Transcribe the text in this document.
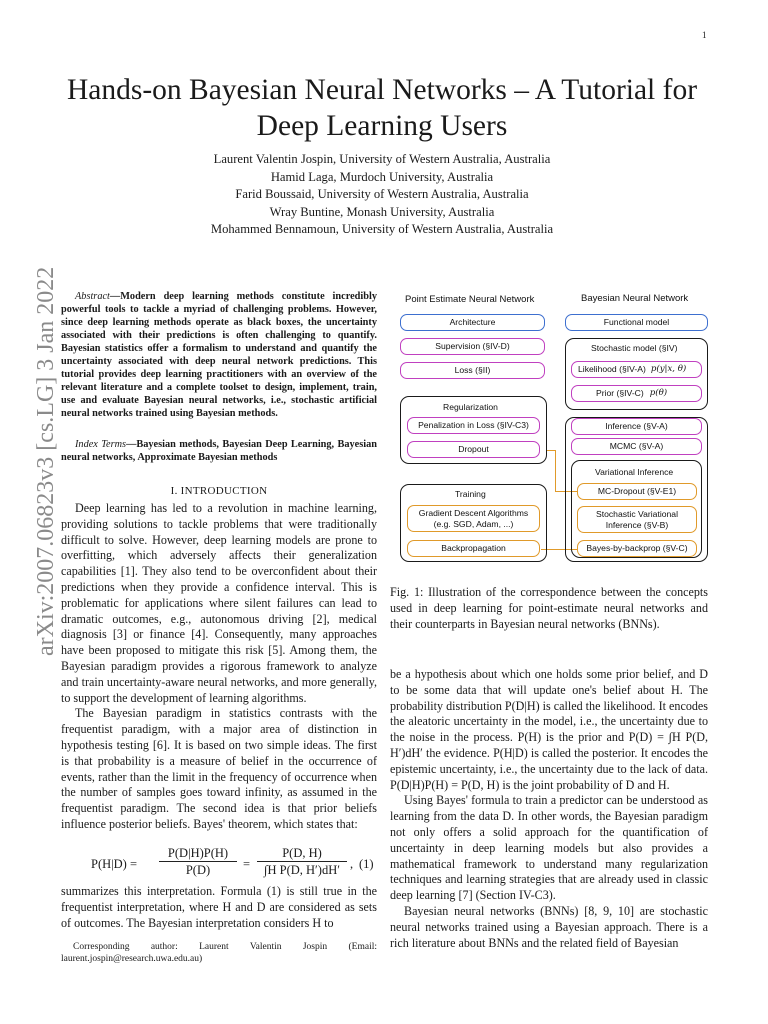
1
Hands-on Bayesian Neural Networks – A Tutorial for Deep Learning Users
Laurent Valentin Jospin, University of Western Australia, Australia
Hamid Laga, Murdoch University, Australia
Farid Boussaid, University of Western Australia, Australia
Wray Buntine, Monash University, Australia
Mohammed Bennamoun, University of Western Australia, Australia
arXiv:2007.06823v3 [cs.LG] 3 Jan 2022	Abstract—Modern deep learning methods constitute incredibly powerful tools to tackle a myriad of challenging problems. However, since deep learning methods operate as black boxes, the uncertainty associated with their predictions is often challenging to quantify. Bayesian statistics offer a formalism to understand and quantify the uncertainty associated with deep neural network predictions. This tutorial provides deep learning practitioners with an overview of the relevant literature and a complete toolset to design, implement, train, use and evaluate Bayesian neural networks, i.e., stochastic artificial neural networks trained using Bayesian methods.
Index Terms—Bayesian methods, Bayesian Deep Learning, Bayesian neural networks, Approximate Bayesian methods
I. INTRODUCTION

Deep learning has led to a revolution in machine learning, providing solutions to tackle problems that were traditionally difficult to solve. However, deep learning models are prone to overfitting, which adversely affects their generalization capabilities [1]. They also tend to be overconfident about their predictions when they provide a confidence interval. This is problematic for applications where silent failures can lead to dramatic outcomes, e.g., autonomous driving [2], medical diagnosis [3] or finance [4]. Consequently, many approaches have been proposed to mitigate this risk [5]. Among them, the Bayesian paradigm provides a rigorous framework to analyze and train uncertainty-aware neural networks, and more generally, to support the development of learning algorithms.

The Bayesian paradigm in statistics contrasts with the frequentist paradigm, with a major area of distinction in hypothesis testing [6]. It is based on two simple ideas. The first is that probability is a measure of belief in the occurrence of events, rather than the limit in the frequency of occurrence when the number of samples goes toward infinity, as assumed in the frequentist paradigm. The second idea is that prior beliefs influence posterior beliefs. Bayes' theorem, which states that:

P(H|D) =
P(D|H)P(H)
P(D)	=
P(D, H)
∫H P(D, H′)dH′ , (1)

summarizes this interpretation. Formula (1) is still true in the frequentist interpretation, where H and D are considered as sets of outcomes. The Bayesian interpretation considers H to

Corresponding author: Laurent Valentin Jospin (Email: laurent.jospin@research.uwa.edu.au)
Point Estimate Neural Network	Bayesian Neural Network
Architecture
Supervision (§IV-D)
Loss (§II)
Regularization
Penalization in Loss (§IV-C3)
Dropout
Training
Gradient Descent Algorithms
(e.g. SGD, Adam, ...)
Backpropagation
Functional model
Stochastic model (§IV)
Likelihood (§IV-A) p(y|x, θ)
Prior (§IV-C) p(θ)
Inference (§V-A)
MCMC (§V-A)
Variational Inference
MC-Dropout (§V-E1)
Stochastic Variational
Inference (§V-B)
Bayes-by-backprop (§V-C)
Fig. 1: Illustration of the correspondence between the concepts used in deep learning for point-estimate neural networks and their counterparts in Bayesian neural networks (BNNs).

be a hypothesis about which one holds some prior belief, and D to be some data that will update one's belief about H. The probability distribution P(D|H) is called the likelihood. It encodes the aleatoric uncertainty in the model, i.e., the uncertainty due to the noise in the process. P(H) is the prior and P(D) = ∫H P(D, H′)dH′ the evidence. P(H|D) is called the posterior. It encodes the epistemic uncertainty, i.e., the uncertainty due to the lack of data. P(D|H)P(H) = P(D, H) is the joint probability of D and H.

Using Bayes' formula to train a predictor can be understood as learning from the data D. In other words, the Bayesian paradigm not only offers a solid approach for the quantification of uncertainty in deep learning models but also provides a mathematical framework to understand many regularization techniques and learning strategies that are already used in classic deep learning [7] (Section IV-C3).

Bayesian neural networks (BNNs) [8, 9, 10] are stochastic neural networks trained using a Bayesian approach. There is a rich literature about BNNs and the related field of Bayesian
